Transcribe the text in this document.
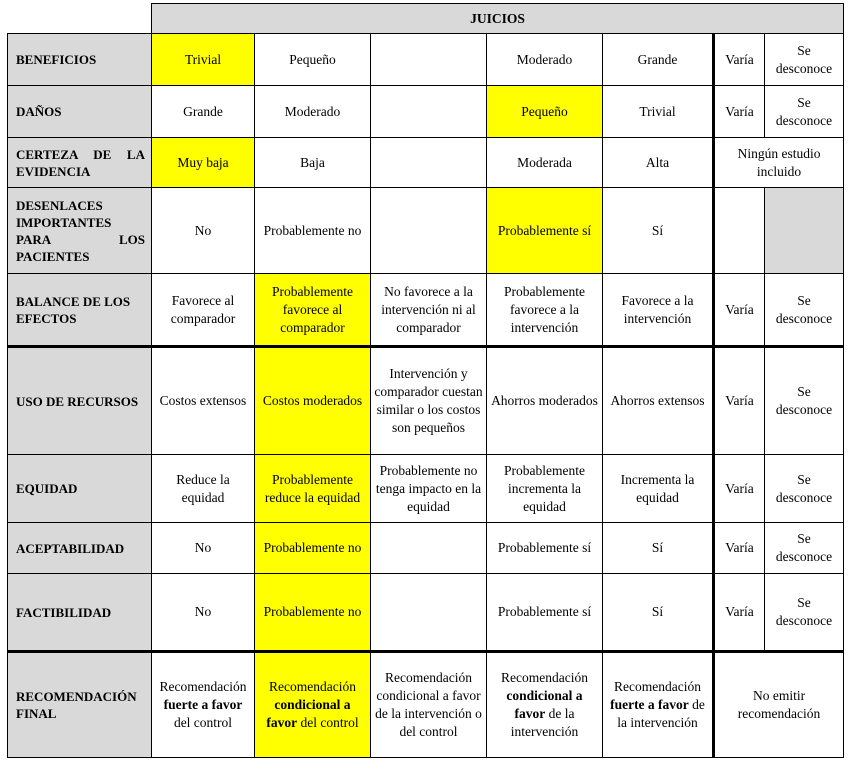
	JUICIOS						
BENEFICIOS	Trivial	Pequeño		Moderado	Grande	Varía	Se desconoce
DAÑOS	Grande	Moderado		Pequeño	Trivial	Varía	Se desconoce
CERTEZA DE LA EVIDENCIA	Muy baja	Baja		Moderada	Alta	Ningún estudio incluido	
DESENLACES IMPORTANTES PARA LOS PACIENTES	No	Probablemente no		Probablemente sí	Sí		
BALANCE DE LOS EFECTOS	Favorece al comparador	Probablemente favorece al comparador	No favorece a la intervención ni al comparador	Probablemente favorece a la intervención	Favorece a la intervención	Varía	Se desconoce
USO DE RECURSOS	Costos extensos	Costos moderados	Intervención y comparador cuestan similar o los costos son pequeños	Ahorros moderados	Ahorros extensos	Varía	Se desconoce
EQUIDAD	Reduce la equidad	Probablemente reduce la equidad	Probablemente no tenga impacto en la equidad	Probablemente incrementa la equidad	Incrementa la equidad	Varía	Se desconoce
ACEPTABILIDAD	No	Probablemente no		Probablemente sí	Sí	Varía	Se desconoce
FACTIBILIDAD	No	Probablemente no		Probablemente sí	Sí	Varía	Se desconoce
RECOMENDACIÓN FINAL	Recomendación fuerte a favor del control	Recomendación condicional a favor del control	Recomendación condicional a favor de la intervención o del control	Recomendación condicional a favor de la intervención	Recomendación fuerte a favor de la intervención	No emitir recomendación	
